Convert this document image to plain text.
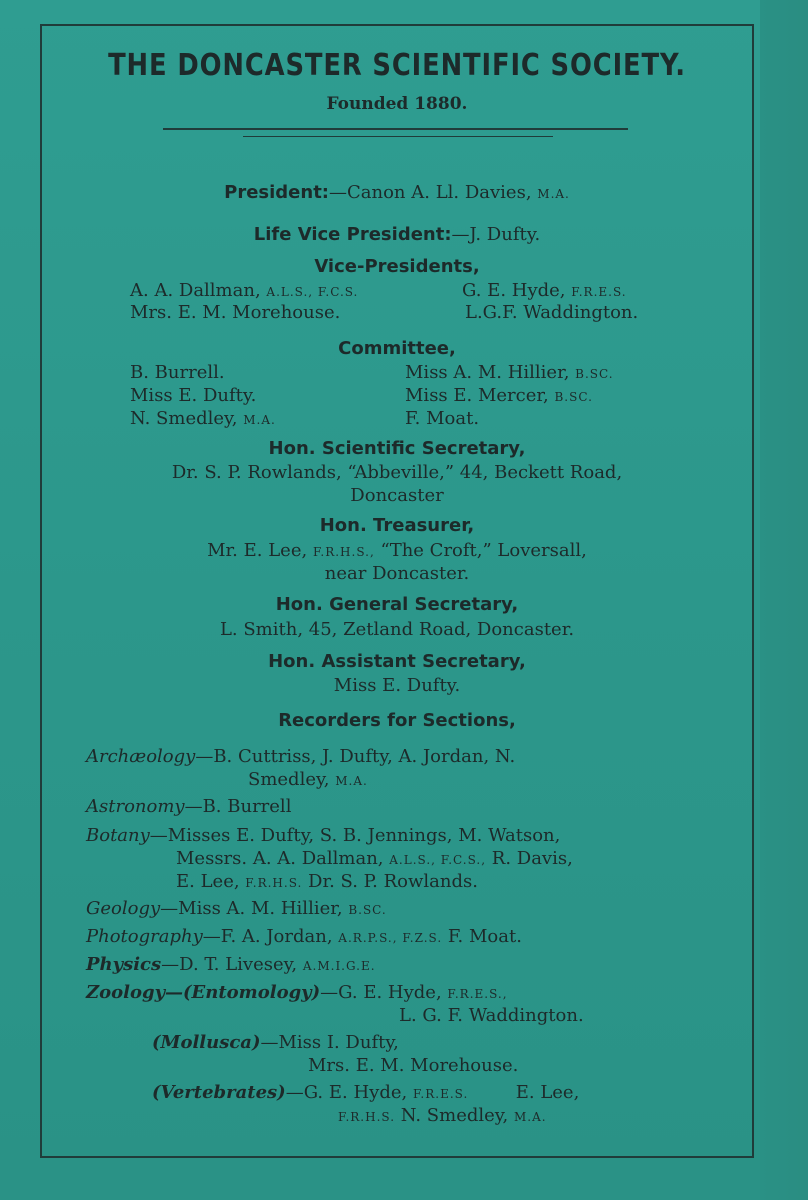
THE DONCASTER SCIENTIFIC SOCIETY.
Founded 1880.
President:—Canon A. Ll. Davies, M.A.
Life Vice President:—J. Dufty.
Vice-Presidents,
A. A. Dallman, A.L.S., F.C.S.	G. E. Hyde, F.R.E.S.
Mrs. E. M. Morehouse.	L.G.F. Waddington.
Committee,
B. Burrell.	Miss A. M. Hillier, B.SC.
Miss E. Dufty.	Miss E. Mercer, B.SC.
N. Smedley, M.A.	F. Moat.
Hon. Scientific Secretary,
Dr. S. P. Rowlands, “Abbeville,” 44, Beckett Road,
Doncaster
Hon. Treasurer,
Mr. E. Lee, F.R.H.S., “The Croft,” Loversall,
near Doncaster.
Hon. General Secretary,
L. Smith, 45, Zetland Road, Doncaster.
Hon. Assistant Secretary,
Miss E. Dufty.
Recorders for Sections,
Archæology—B. Cuttriss, J. Dufty, A. Jordan, N.
Smedley, M.A.
Astronomy—B. Burrell
Botany—Misses E. Dufty, S. B. Jennings, M. Watson,
Messrs. A. A. Dallman, A.L.S., F.C.S., R. Davis,
E. Lee, F.R.H.S. Dr. S. P. Rowlands.
Geology—Miss A. M. Hillier, B.SC.
Photography—F. A. Jordan, A.R.P.S., F.Z.S. F. Moat.
Physics—D. T. Livesey, A.M.I.G.E.
Zoology—(Entomology)—G. E. Hyde, F.R.E.S.,
L. G. F. Waddington.
(Mollusca)—Miss I. Dufty,
Mrs. E. M. Morehouse.
(Vertebrates)—G. E. Hyde, F.R.E.S.	E. Lee,
F.R.H.S. N. Smedley, M.A.
